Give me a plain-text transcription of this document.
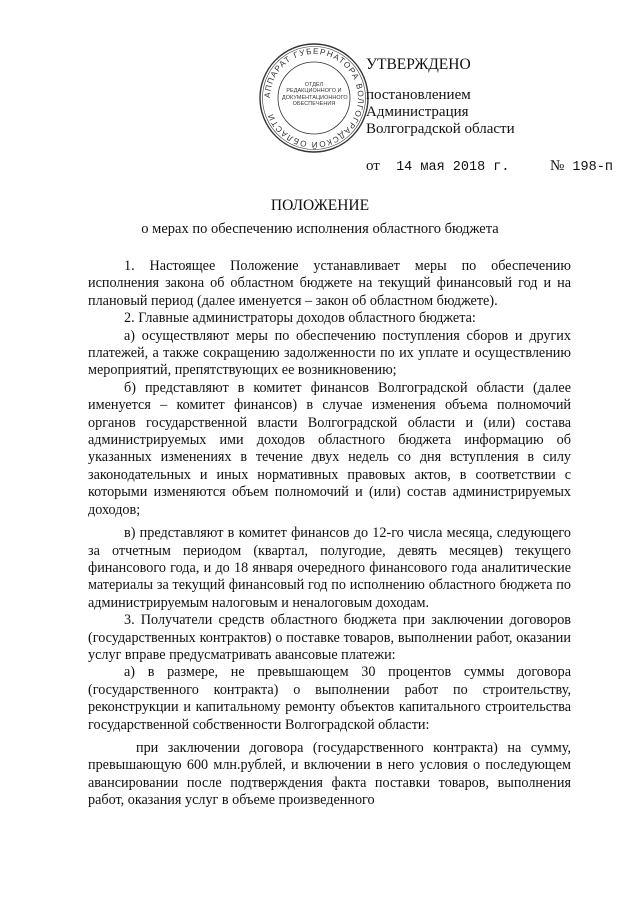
АППАРАТ ГУБЕРНАТОРА ВОЛГОГРАДСКОЙ ОБЛАСТИ
ОТДЕЛ РЕДАКЦИОННОГО И ДОКУМЕНТАЦИОННОГО ОБЕСПЕЧЕНИЯ
УТВЕРЖДЕНО
постановлением
Администрация
Волгоградской области
от 14 мая 2018 г.	№ 198-п
ПОЛОЖЕНИЕ
о мерах по обеспечению исполнения областного бюджета

1. Настоящее Положение устанавливает меры по обеспечению исполнения закона об областном бюджете на текущий финансовый год и на плановый период (далее именуется – закон об областном бюджете).

2. Главные администраторы доходов областного бюджета:

а) осуществляют меры по обеспечению поступления сборов и других платежей, а также сокращению задолженности по их уплате и осуществлению мероприятий, препятствующих ее возникновению;

б) представляют в комитет финансов Волгоградской области (далее именуется – комитет финансов) в случае изменения объема полномочий органов государственной власти Волгоградской области и (или) состава администрируемых ими доходов областного бюджета информацию об указанных изменениях в течение двух недель со дня вступления в силу законодательных и иных нормативных правовых актов, в соответствии с которыми изменяются объем полномочий и (или) состав администрируемых доходов;

в) представляют в комитет финансов до 12-го числа месяца, следующего за отчетным периодом (квартал, полугодие, девять месяцев) текущего финансового года, и до 18 января очередного финансового года аналитические материалы за текущий финансовый год по исполнению областного бюджета по администрируемым налоговым и неналоговым доходам.

3. Получатели средств областного бюджета при заключении договоров (государственных контрактов) о поставке товаров, выполнении работ, оказании услуг вправе предусматривать авансовые платежи:

а) в размере, не превышающем 30 процентов суммы договора (государственного контракта) о выполнении работ по строительству, реконструкции и капитальному ремонту объектов капитального строительства государственной собственности Волгоградской области:

при заключении договора (государственного контракта) на сумму, превышающую 600 млн.рублей, и включении в него условия о последующем авансировании после подтверждения факта поставки товаров, выполнения работ, оказания услуг в объеме произведенного
